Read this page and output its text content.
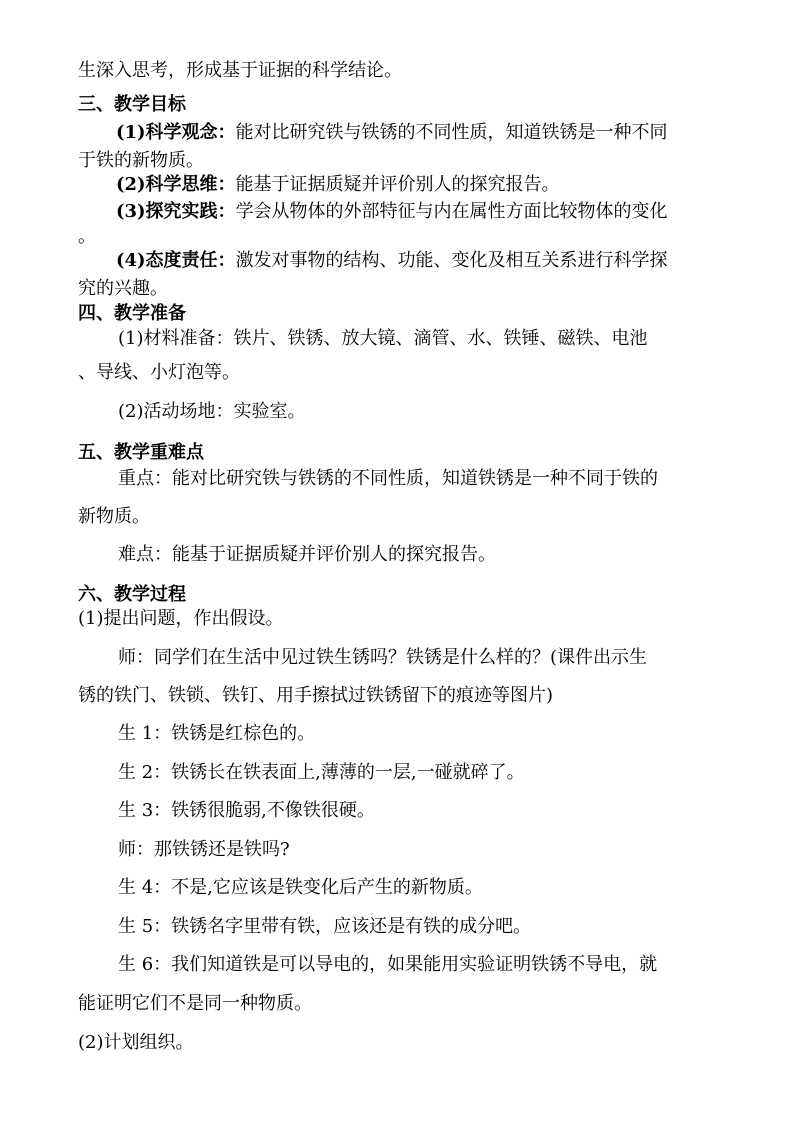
生深入思考，形成基于证据的科学结论。
三、教学目标
(1)科学观念：能对比研究铁与铁锈的不同性质，知道铁锈是一种不同
于铁的新物质。
(2)科学思维：能基于证据质疑并评价别人的探究报告。
(3)探究实践：学会从物体的外部特征与内在属性方面比较物体的变化
。
(4)态度责任：激发对事物的结构、功能、变化及相互关系进行科学探
究的兴趣。
四、教学准备
(1)材料准备：铁片、铁锈、放大镜、滴管、水、铁锤、磁铁、电池
、导线、小灯泡等。
(2)活动场地：实验室。
五、教学重难点
重点：能对比研究铁与铁锈的不同性质，知道铁锈是一种不同于铁的
新物质。
难点：能基于证据质疑并评价别人的探究报告。
六、教学过程
(1)提出问题，作出假设。
师：同学们在生活中见过铁生锈吗？铁锈是什么样的？(课件出示生
锈的铁门、铁锁、铁钉、用手擦拭过铁锈留下的痕迹等图片)
生 1：铁锈是红棕色的。
生 2：铁锈长在铁表面上,薄薄的一层,一碰就碎了。
生 3：铁锈很脆弱,不像铁很硬。
师：那铁锈还是铁吗?
生 4：不是,它应该是铁变化后产生的新物质。
生 5：铁锈名字里带有铁，应该还是有铁的成分吧。
生 6：我们知道铁是可以导电的，如果能用实验证明铁锈不导电，就
能证明它们不是同一种物质。
(2)计划组织。
